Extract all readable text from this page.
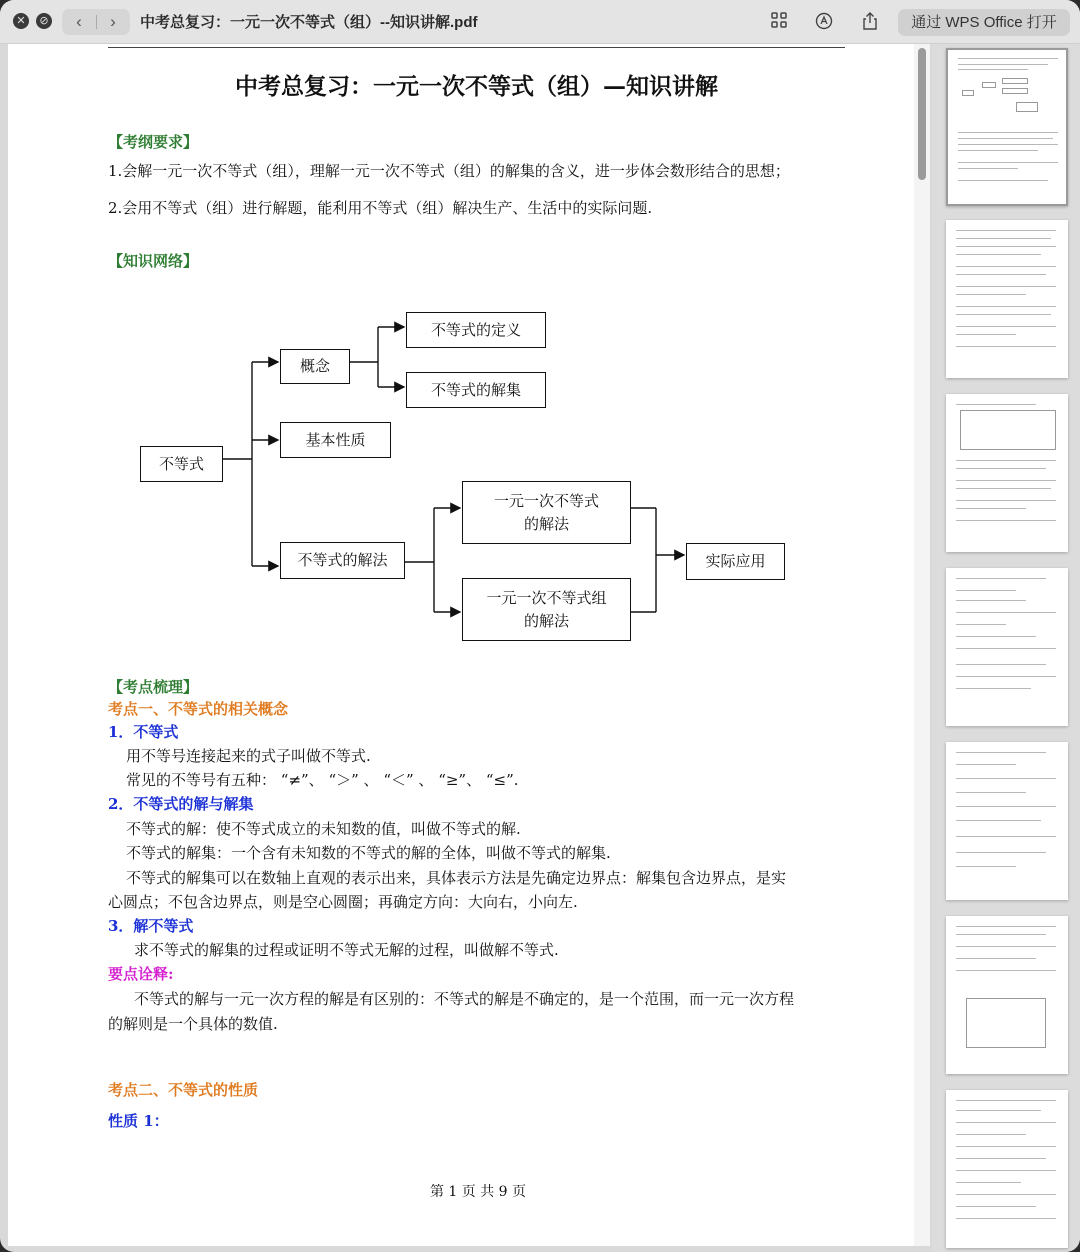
✕	⊘	‹	›	中考总复习：一元一次不等式（组）--知识讲解.pdf	通过 WPS Office 打开
中考总复习：一元一次不等式（组）—知识讲解
【考纲要求】
1.会解一元一次不等式（组），理解一元一次不等式（组）的解集的含义，进一步体会数形结合的思想；
2.会用不等式（组）进行解题，能利用不等式（组）解决生产、生活中的实际问题.
【知识网络】
不等式
概念
不等式的定义
不等式的解集
基本性质
不等式的解法
一元一次不等式
的解法
一元一次不等式组
的解法
实际应用
【考点梳理】
考点一、不等式的相关概念
1．不等式
用不等号连接起来的式子叫做不等式.
常见的不等号有五种： “≠”、 “＞” 、 “＜” 、 “≥”、 “≤”.
2．不等式的解与解集
不等式的解：使不等式成立的未知数的值，叫做不等式的解.
不等式的解集：一个含有未知数的不等式的解的全体，叫做不等式的解集.
不等式的解集可以在数轴上直观的表示出来，具体表示方法是先确定边界点：解集包含边界点，是实
心圆点；不包含边界点，则是空心圆圈；再确定方向：大向右，小向左.
3．解不等式
求不等式的解集的过程或证明不等式无解的过程，叫做解不等式.
要点诠释:
不等式的解与一元一次方程的解是有区别的：不等式的解是不确定的，是一个范围，而一元一次方程
的解则是一个具体的数值.
考点二、不等式的性质
性质 1：
第 1 页 共 9 页
